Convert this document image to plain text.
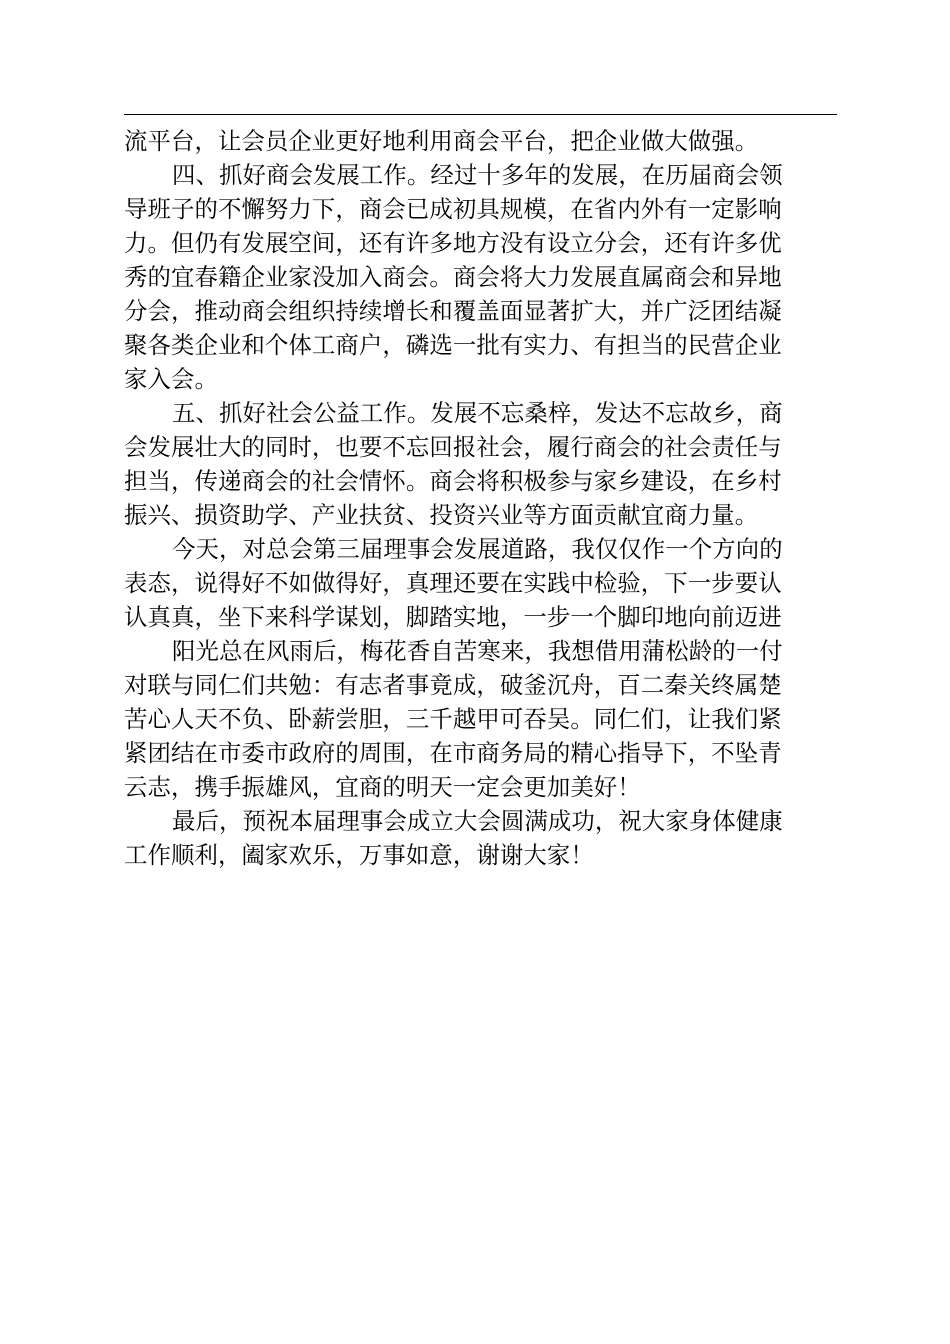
流平台，让会员企业更好地利用商会平台，把企业做大做强。
四、抓好商会发展工作。经过十多年的发展，在历届商会领
导班子的不懈努力下，商会已成初具规模，在省内外有一定影响
力。但仍有发展空间，还有许多地方没有设立分会，还有许多优
秀的宜春籍企业家没加入商会。商会将大力发展直属商会和异地
分会，推动商会组织持续增长和覆盖面显著扩大，并广泛团结凝
聚各类企业和个体工商户，磷选一批有实力、有担当的民营企业
家入会。
五、抓好社会公益工作。发展不忘桑梓，发达不忘故乡，商
会发展壮大的同时，也要不忘回报社会，履行商会的社会责任与
担当，传递商会的社会情怀。商会将积极参与家乡建设，在乡村
振兴、损资助学、产业扶贫、投资兴业等方面贡献宜商力量。
今天，对总会第三届理事会发展道路，我仅仅作一个方向的
表态，说得好不如做得好，真理还要在实践中检验，下一步要认
认真真，坐下来科学谋划，脚踏实地，一步一个脚印地向前迈进
阳光总在风雨后，梅花香自苦寒来，我想借用蒲松龄的一付
对联与同仁们共勉：有志者事竟成，破釜沉舟，百二秦关终属楚
苦心人天不负、卧薪尝胆，三千越甲可吞吴。同仁们，让我们紧
紧团结在市委市政府的周围，在市商务局的精心指导下，不坠青
云志，携手振雄风，宜商的明天一定会更加美好！
最后，预祝本届理事会成立大会圆满成功，祝大家身体健康
工作顺利，阖家欢乐，万事如意，谢谢大家！
